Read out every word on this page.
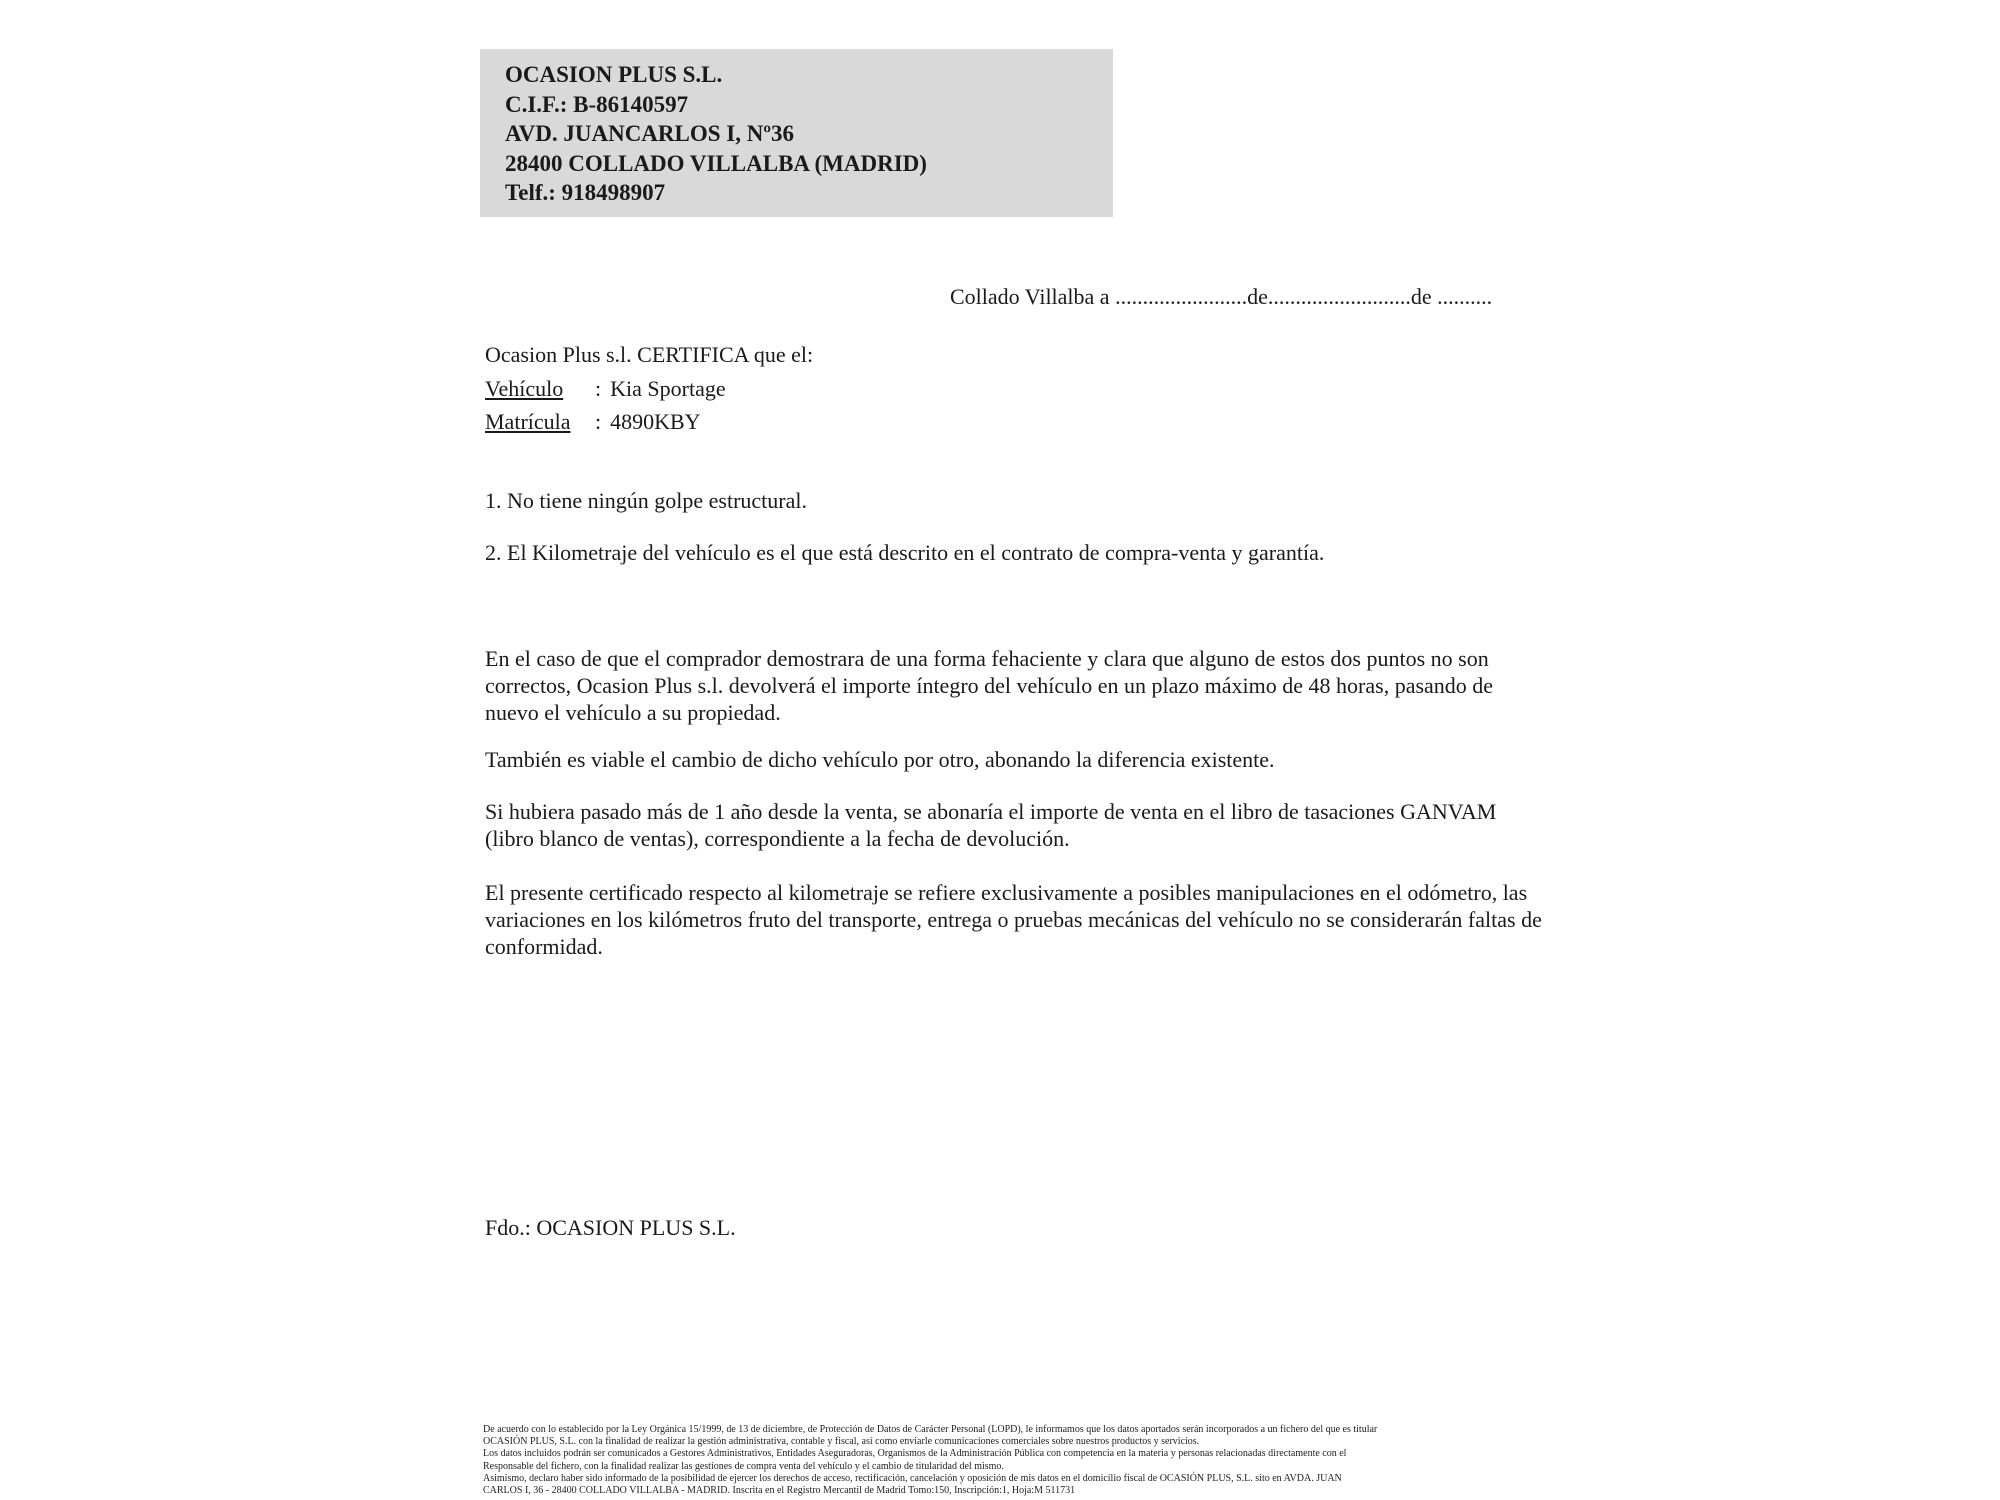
OCASION PLUS S.L.
C.I.F.: B-86140597
AVD. JUANCARLOS I, Nº36
28400 COLLADO VILLALBA (MADRID)
Telf.: 918498907
Collado Villalba a ........................de..........................de ..........
Ocasion Plus s.l. CERTIFICA que el:
Vehículo : Kia Sportage
Matrícula : 4890KBY
1. No tiene ningún golpe estructural.
2. El Kilometraje del vehículo es el que está descrito en el contrato de compra-venta y garantía.
En el caso de que el comprador demostrara de una forma fehaciente y clara que alguno de estos dos puntos no son correctos, Ocasion Plus s.l. devolverá el importe íntegro del vehículo en un plazo máximo de 48 horas, pasando de nuevo el vehículo a su propiedad.
También es viable el cambio de dicho vehículo por otro, abonando la diferencia existente.
Si hubiera pasado más de 1 año desde la venta, se abonaría el importe de venta en el libro de tasaciones GANVAM (libro blanco de ventas), correspondiente a la fecha de devolución.
El presente certificado respecto al kilometraje se refiere exclusivamente a posibles manipulaciones en el odómetro, las variaciones en los kilómetros fruto del transporte, entrega o pruebas mecánicas del vehículo no se considerarán faltas de conformidad.
Fdo.: OCASION PLUS S.L.
De acuerdo con lo establecido por la Ley Orgánica 15/1999, de 13 de diciembre, de Protección de Datos de Carácter Personal (LOPD), le informamos que los datos aportados serán incorporados a un fichero del que es titular
OCASIÓN PLUS, S.L. con la finalidad de realizar la gestión administrativa, contable y fiscal, así como enviarle comunicaciones comerciales sobre nuestros productos y servicios.
Los datos incluidos podrán ser comunicados a Gestores Administrativos, Entidades Aseguradoras, Organismos de la Administración Pública con competencia en la materia y personas relacionadas directamente con el
Responsable del fichero, con la finalidad realizar las gestiones de compra venta del vehículo y el cambio de titularidad del mismo.
Asimismo, declaro haber sido informado de la posibilidad de ejercer los derechos de acceso, rectificación, cancelación y oposición de mis datos en el domicilio fiscal de OCASIÓN PLUS, S.L. sito en AVDA. JUAN
CARLOS I, 36 - 28400 COLLADO VILLALBA - MADRID. Inscrita en el Registro Mercantil de Madrid Tomo:150, Inscripción:1, Hoja:M 511731
